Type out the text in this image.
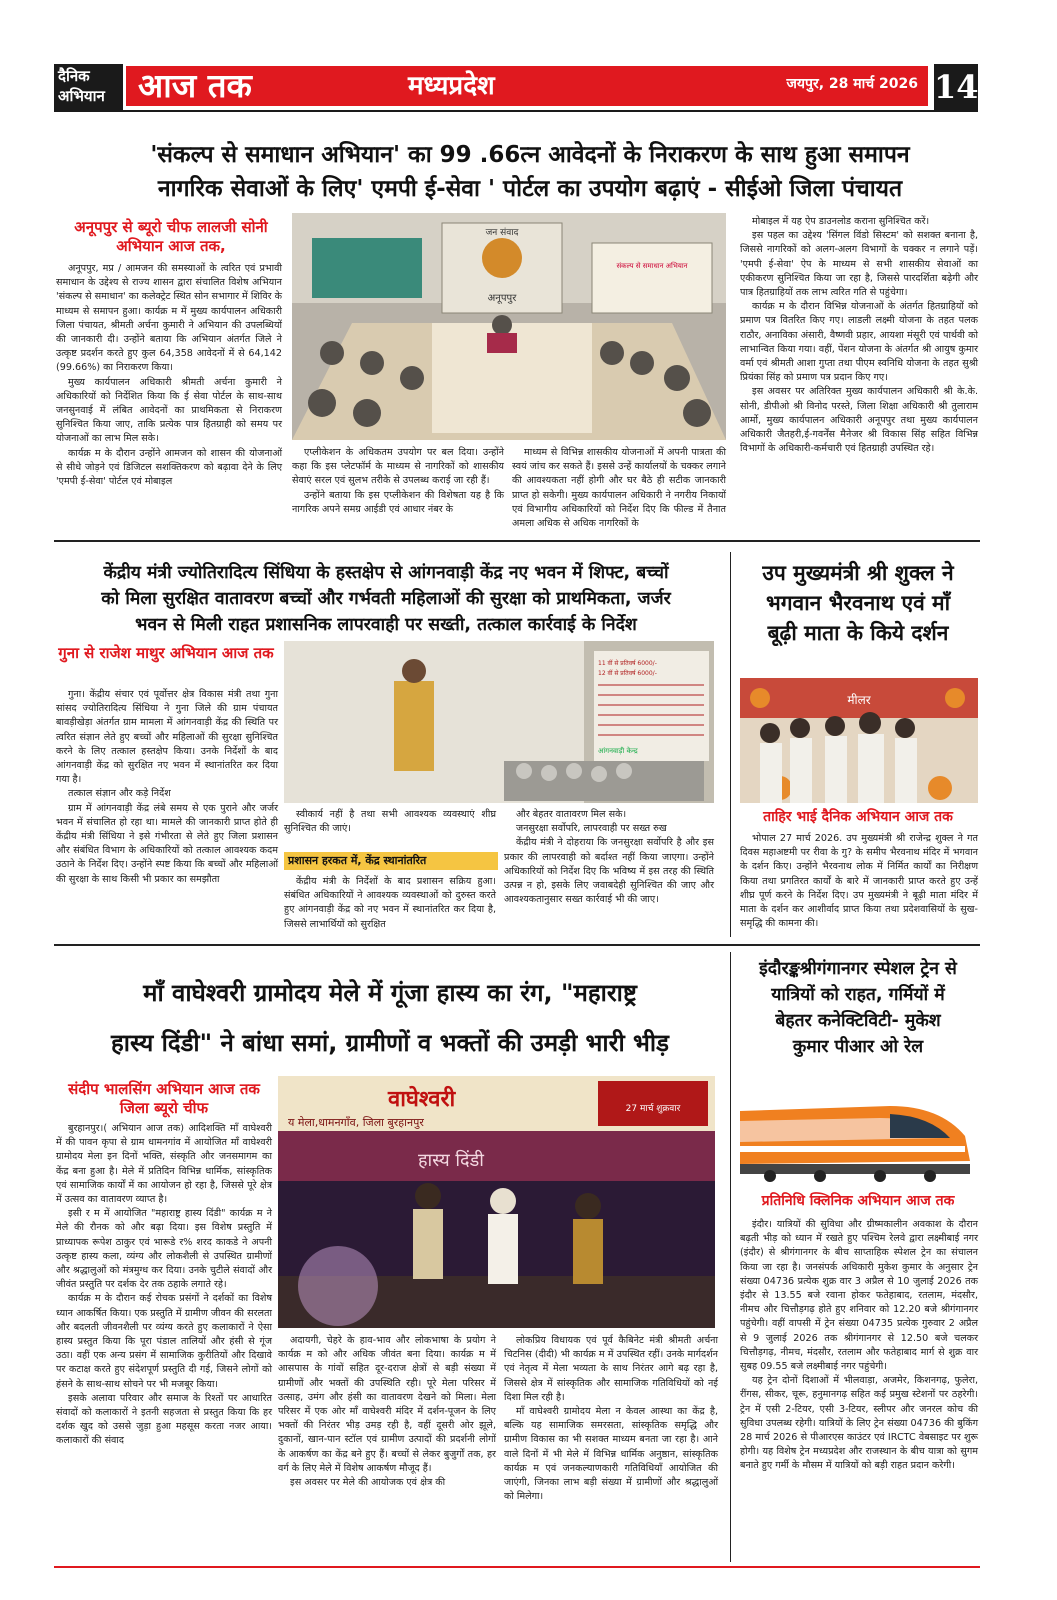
दैनिक
अभियान आज तक	मध्यप्रदेश	जयपुर, 28 मार्च 2026 14
'संकल्प से समाधान अभियान' का 99 .66त्न आवेदनों के निराकरण के साथ हुआ समापन
नागरिक सेवाओं के लिए' एमपी ई-सेवा ' पोर्टल का उपयोग बढ़ाएं - सीईओ जिला पंचायत
अनूपपुर से ब्यूरो चीफ लालजी सोनी अभियान आज तक,

अनूपपुर, मप्र / आमजन की समस्याओं के त्वरित एवं प्रभावी समाधान के उद्देश्य से राज्य शासन द्वारा संचालित विशेष अभियान 'संकल्प से समाधान' का कलेक्ट्रेट स्थित सोन सभागार में शिविर के माध्यम से समापन हुआ। कार्यक्र म में मुख्य कार्यपालन अधिकारी जिला पंचायत, श्रीमती अर्चना कुमारी ने अभियान की उपलब्धियों की जानकारी दी। उन्होंने बताया कि अभियान अंतर्गत जिले ने उत्कृष्ट प्रदर्शन करते हुए कुल 64,358 आवेदनों में से 64,142 (99.66%) का निराकरण किया।

मुख्य कार्यपालन अधिकारी श्रीमती अर्चना कुमारी ने अधिकारियों को निर्देशित किया कि ई सेवा पोर्टल के साथ-साथ जनसुनवाई में लंबित आवेदनों का प्राथमिकता से निराकरण सुनिश्चित किया जाए, ताकि प्रत्येक पात्र हितग्राही को समय पर योजनाओं का लाभ मिल सके।

कार्यक्र म के दौरान उन्होंने आमजन को शासन की योजनाओं से सीधे जोड़ने एवं डिजिटल सशक्तिकरण को बढ़ावा देने के लिए 'एमपी ई-सेवा' पोर्टल एवं मोबाइल

जन संवाद
अनूपपुर
संकल्प से समाधान अभियान

एप्लीकेशन के अधिकतम उपयोग पर बल दिया। उन्होंने कहा कि इस प्लेटफॉर्म के माध्यम से नागरिकों को शासकीय सेवाएं सरल एवं सुलभ तरीके से उपलब्ध कराई जा रही हैं।

उन्होंने बताया कि इस एप्लीकेशन की विशेषता यह है कि नागरिक अपने समग्र आईडी एवं आधार नंबर के

माध्यम से विभिन्न शासकीय योजनाओं में अपनी पात्रता की स्वयं जांच कर सकते हैं। इससे उन्हें कार्यालयों के चक्कर लगाने की आवश्यकता नहीं होगी और घर बैठे ही सटीक जानकारी प्राप्त हो सकेगी। मुख्य कार्यपालन अधिकारी ने नगरीय निकायों एवं विभागीय अधिकारियों को निर्देश दिए कि फील्ड में तैनात अमला अधिक से अधिक नागरिकों के

मोबाइल में यह ऐप डाउनलोड कराना सुनिश्चित करें।

इस पहल का उद्देश्य 'सिंगल विंडो सिस्टम' को सशक्त बनाना है, जिससे नागरिकों को अलग-अलग विभागों के चक्कर न लगाने पड़ें। 'एमपी ई-सेवा' ऐप के माध्यम से सभी शासकीय सेवाओं का एकीकरण सुनिश्चित किया जा रहा है, जिससे पारदर्शिता बढ़ेगी और पात्र हितग्राहियों तक लाभ त्वरित गति से पहुंचेगा।

कार्यक्र म के दौरान विभिन्न योजनाओं के अंतर्गत हितग्राहियों को प्रमाण पत्र वितरित किए गए। लाडली लक्ष्मी योजना के तहत पलक राठौर, अनाविका अंसारी, वैष्णवी प्रहार, आयशा मंसूरी एवं पार्थवी को लाभान्वित किया गया। वहीं, पेंशन योजना के अंतर्गत श्री आयुष कुमार वर्मा एवं श्रीमती आशा गुप्ता तथा पीएम स्वनिधि योजना के तहत सुश्री प्रियंका सिंह को प्रमाण पत्र प्रदान किए गए।

इस अवसर पर अतिरिक्त मुख्य कार्यपालन अधिकारी श्री के.के. सोनी, डीपीओ श्री विनोद परस्ते, जिला शिक्षा अधिकारी श्री तुलाराम आर्मो, मुख्य कार्यपालन अधिकारी अनूपपुर तथा मुख्य कार्यपालन अधिकारी जैतहरी,ई-गवर्नेंस मैनेजर श्री विकास सिंह सहित विभिन्न विभागों के अधिकारी-कर्मचारी एवं हितग्राही उपस्थित रहे।

केंद्रीय मंत्री ज्योतिरादित्य सिंधिया के हस्तक्षेप से आंगनवाड़ी केंद्र नए भवन में शिफ्ट, बच्चों
को मिला सुरक्षित वातावरण बच्चों और गर्भवती महिलाओं की सुरक्षा को प्राथमिकता, जर्जर
भवन से मिली राहत प्रशासनिक लापरवाही पर सख्ती, तत्काल कार्रवाई के निर्देश
गुना से राजेश माथुर अभियान आज तक

गुना। केंद्रीय संचार एवं पूर्वोत्तर क्षेत्र विकास मंत्री तथा गुना सांसद ज्योतिरादित्य सिंधिया ने गुना जिले की ग्राम पंचायत बावड़ीखेड़ा अंतर्गत ग्राम मामला में आंगनवाड़ी केंद्र की स्थिति पर त्वरित संज्ञान लेते हुए बच्चों और महिलाओं की सुरक्षा सुनिश्चित करने के लिए तत्काल हस्तक्षेप किया। उनके निर्देशों के बाद आंगनवाड़ी केंद्र को सुरक्षित नए भवन में स्थानांतरित कर दिया गया है।

तत्काल संज्ञान और कड़े निर्देश

ग्राम में आंगनवाड़ी केंद्र लंबे समय से एक पुराने और जर्जर भवन में संचालित हो रहा था। मामले की जानकारी प्राप्त होते ही केंद्रीय मंत्री सिंधिया ने इसे गंभीरता से लेते हुए जिला प्रशासन और संबंधित विभाग के अधिकारियों को तत्काल आवश्यक कदम उठाने के निर्देश दिए। उन्होंने स्पष्ट किया कि बच्चों और महिलाओं की सुरक्षा के साथ किसी भी प्रकार का समझौता

11 वीं से प्रतिवर्ष 6000/-
12 वीं से प्रतिवर्ष 6000/-
आंगनवाड़ी केन्द्र

स्वीकार्य नहीं है तथा सभी आवश्यक व्यवस्थाएं शीघ्र सुनिश्चित की जाएं।

प्रशासन हरकत में, केंद्र स्थानांतरित

केंद्रीय मंत्री के निर्देशों के बाद प्रशासन सक्रिय हुआ। संबंधित अधिकारियों ने आवश्यक व्यवस्थाओं को दुरुस्त करते हुए आंगनवाड़ी केंद्र को नए भवन में स्थानांतरित कर दिया है, जिससे लाभार्थियों को सुरक्षित

और बेहतर वातावरण मिल सके।

जनसुरक्षा सर्वोपरि, लापरवाही पर सख्त रुख

केंद्रीय मंत्री ने दोहराया कि जनसुरक्षा सर्वोपरि है और इस प्रकार की लापरवाही को बर्दाश्त नहीं किया जाएगा। उन्होंने अधिकारियों को निर्देश दिए कि भविष्य में इस तरह की स्थिति उत्पन्न न हो, इसके लिए जवाबदेही सुनिश्चित की जाए और आवश्यकतानुसार सख्त कार्रवाई भी की जाए।

उप मुख्यमंत्री श्री शुक्ल ने
भगवान भैरवनाथ एवं माँ
बूढ़ी माता के किये दर्शन
मीलर
ताहिर भाई दैनिक अभियान आज तक

भोपाल 27 मार्च 2026. उप मुख्यमंत्री श्री राजेन्द्र शुक्ल ने गत दिवस महाअष्टमी पर रीवा के गु? के समीप भैरवनाथ मंदिर में भगवान के दर्शन किए। उन्होंने भैरवनाथ लोक में निर्मित कार्यों का निरीक्षण किया तथा प्रगतिरत कार्यों के बारे में जानकारी प्राप्त करते हुए उन्हें शीघ्र पूर्ण करने के निर्देश दिए। उप मुख्यमंत्री ने बूढ़ी माता मंदिर में माता के दर्शन कर आशीर्वाद प्राप्त किया तथा प्रदेशवासियों के सुख-समृद्धि की कामना की।

माँ वाघेश्वरी ग्रामोदय मेले में गूंजा हास्य का रंग, "महाराष्ट्र
हास्य दिंडी" ने बांधा समां, ग्रामीणों व भक्तों की उमड़ी भारी भीड़
संदीप भालसिंग अभियान आज तक जिला ब्यूरो चीफ

बुरहानपुर।( अभियान आज तक) आदिशक्ति माँ वाघेश्वरी में की पावन कृपा से ग्राम धामनगांव में आयोजित माँ वाघेश्वरी ग्रामोदय मेला इन दिनों भक्ति, संस्कृति और जनसमागम का केंद्र बना हुआ है। मेले में प्रतिदिन विभिन्न धार्मिक, सांस्कृतिक एवं सामाजिक कार्यों में का आयोजन हो रहा है, जिससे पूरे क्षेत्र में उत्सव का वातावरण व्याप्त है।

इसी र म में आयोजित "महाराष्ट्र हास्य दिंडी" कार्यक्र म ने मेले की रौनक को और बढ़ा दिया। इस विशेष प्रस्तुति में प्राध्यापक रूपेश ठाकुर एवं भारूडे र% शरद काकडे ने अपनी उत्कृष्ट हास्य कला, व्यंग्य और लोकशैली से उपस्थित ग्रामीणों और श्रद्धालुओं को मंत्रमुग्ध कर दिया। उनके चुटीले संवादों और जीवंत प्रस्तुति पर दर्शक देर तक ठहाके लगाते रहे।

कार्यक्र म के दौरान कई रोचक प्रसंगों ने दर्शकों का विशेष ध्यान आकर्षित किया। एक प्रस्तुति में ग्रामीण जीवन की सरलता और बदलती जीवनशैली पर व्यंग्य करते हुए कलाकारों ने ऐसा हास्य प्रस्तुत किया कि पूरा पंडाल तालियों और हंसी से गूंज उठा। वहीं एक अन्य प्रसंग में सामाजिक कुरीतियों और दिखावे पर कटाक्ष करते हुए संदेशपूर्ण प्रस्तुति दी गई, जिसने लोगों को हंसने के साथ-साथ सोचने पर भी मजबूर किया।

इसके अलावा परिवार और समाज के रिश्तों पर आधारित संवादों को कलाकारों ने इतनी सहजता से प्रस्तुत किया कि हर दर्शक खुद को उससे जुड़ा हुआ महसूस करता नजर आया। कलाकारों की संवाद

वाघेश्वरी
य मेला,धामनगाँव, जिला बुरहानपुर
27 मार्च शुक्रवार
हास्य दिंडी

अदायगी, चेहरे के हाव-भाव और लोकभाषा के प्रयोग ने कार्यक्र म को और अधिक जीवंत बना दिया। कार्यक्र म में आसपास के गांवों सहित दूर-दराज क्षेत्रों से बड़ी संख्या में ग्रामीणों और भक्तों की उपस्थिति रही। पूरे मेला परिसर में उत्साह, उमंग और हंसी का वातावरण देखने को मिला। मेला परिसर में एक ओर माँ वाघेश्वरी मंदिर में दर्शन-पूजन के लिए भक्तों की निरंतर भीड़ उमड़ रही है, वहीं दूसरी ओर झूले, दुकानों, खान-पान स्टॉल एवं ग्रामीण उत्पादों की प्रदर्शनी लोगों के आकर्षण का केंद्र बने हुए हैं। बच्चों से लेकर बुजुर्गों तक, हर वर्ग के लिए मेले में विशेष आकर्षण मौजूद हैं।

इस अवसर पर मेले की आयोजक एवं क्षेत्र की

लोकप्रिय विधायक एवं पूर्व कैबिनेट मंत्री श्रीमती अर्चना चिटनिस (दीदी) भी कार्यक्र म में उपस्थित रहीं। उनके मार्गदर्शन एवं नेतृत्व में मेला भव्यता के साथ निरंतर आगे बढ़ रहा है, जिससे क्षेत्र में सांस्कृतिक और सामाजिक गतिविधियों को नई दिशा मिल रही है।

माँ वाघेश्वरी ग्रामोदय मेला न केवल आस्था का केंद्र है, बल्कि यह सामाजिक समरसता, सांस्कृतिक समृद्धि और ग्रामीण विकास का भी सशक्त माध्यम बनता जा रहा है। आने वाले दिनों में भी मेले में विभिन्न धार्मिक अनुष्ठान, सांस्कृतिक कार्यक्र म एवं जनकल्याणकारी गतिविधियाँ आयोजित की जाएंगी, जिनका लाभ बड़ी संख्या में ग्रामीणों और श्रद्धालुओं को मिलेगा।

इंदौरङ्कश्रीगंगानगर स्पेशल ट्रेन से
यात्रियों को राहत, गर्मियों में
बेहतर कनेक्टिविटी- मुकेश
कुमार पीआर ओ रेल
प्रतिनिधि क्लिनिक अभियान आज तक

इंदौर। यात्रियों की सुविधा और ग्रीष्मकालीन अवकाश के दौरान बढ़ती भीड़ को ध्यान में रखते हुए पश्चिम रेलवे द्वारा लक्ष्मीबाई नगर (इंदौर) से श्रीगंगानगर के बीच साप्ताहिक स्पेशल ट्रेन का संचालन किया जा रहा है। जनसंपर्क अधिकारी मुकेश कुमार के अनुसार ट्रेन संख्या 04736 प्रत्येक शुक्र वार 3 अप्रैल से 10 जुलाई 2026 तक इंदौर से 13.55 बजे रवाना होकर फतेहाबाद, रतलाम, मंदसौर, नीमच और चित्तौड़गढ़ होते हुए शनिवार को 12.20 बजे श्रीगंगानगर पहुंचेगी। वहीं वापसी में ट्रेन संख्या 04735 प्रत्येक गुरुवार 2 अप्रैल से 9 जुलाई 2026 तक श्रीगंगानगर से 12.50 बजे चलकर चित्तौड़गढ़, नीमच, मंदसौर, रतलाम और फतेहाबाद मार्ग से शुक्र वार सुबह 09.55 बजे लक्ष्मीबाई नगर पहुंचेगी।

यह ट्रेन दोनों दिशाओं में भीलवाड़ा, अजमेर, किशनगढ़, फुलेरा, रींगस, सीकर, चूरू, हनुमानगढ़ सहित कई प्रमुख स्टेशनों पर ठहरेगी। ट्रेन में एसी 2-टियर, एसी 3-टियर, स्लीपर और जनरल कोच की सुविधा उपलब्ध रहेगी। यात्रियों के लिए ट्रेन संख्या 04736 की बुकिंग 28 मार्च 2026 से पीआरएस काउंटर एवं IRCTC वेबसाइट पर शुरू होगी। यह विशेष ट्रेन मध्यप्रदेश और राजस्थान के बीच यात्रा को सुगम बनाते हुए गर्मी के मौसम में यात्रियों को बड़ी राहत प्रदान करेगी।
